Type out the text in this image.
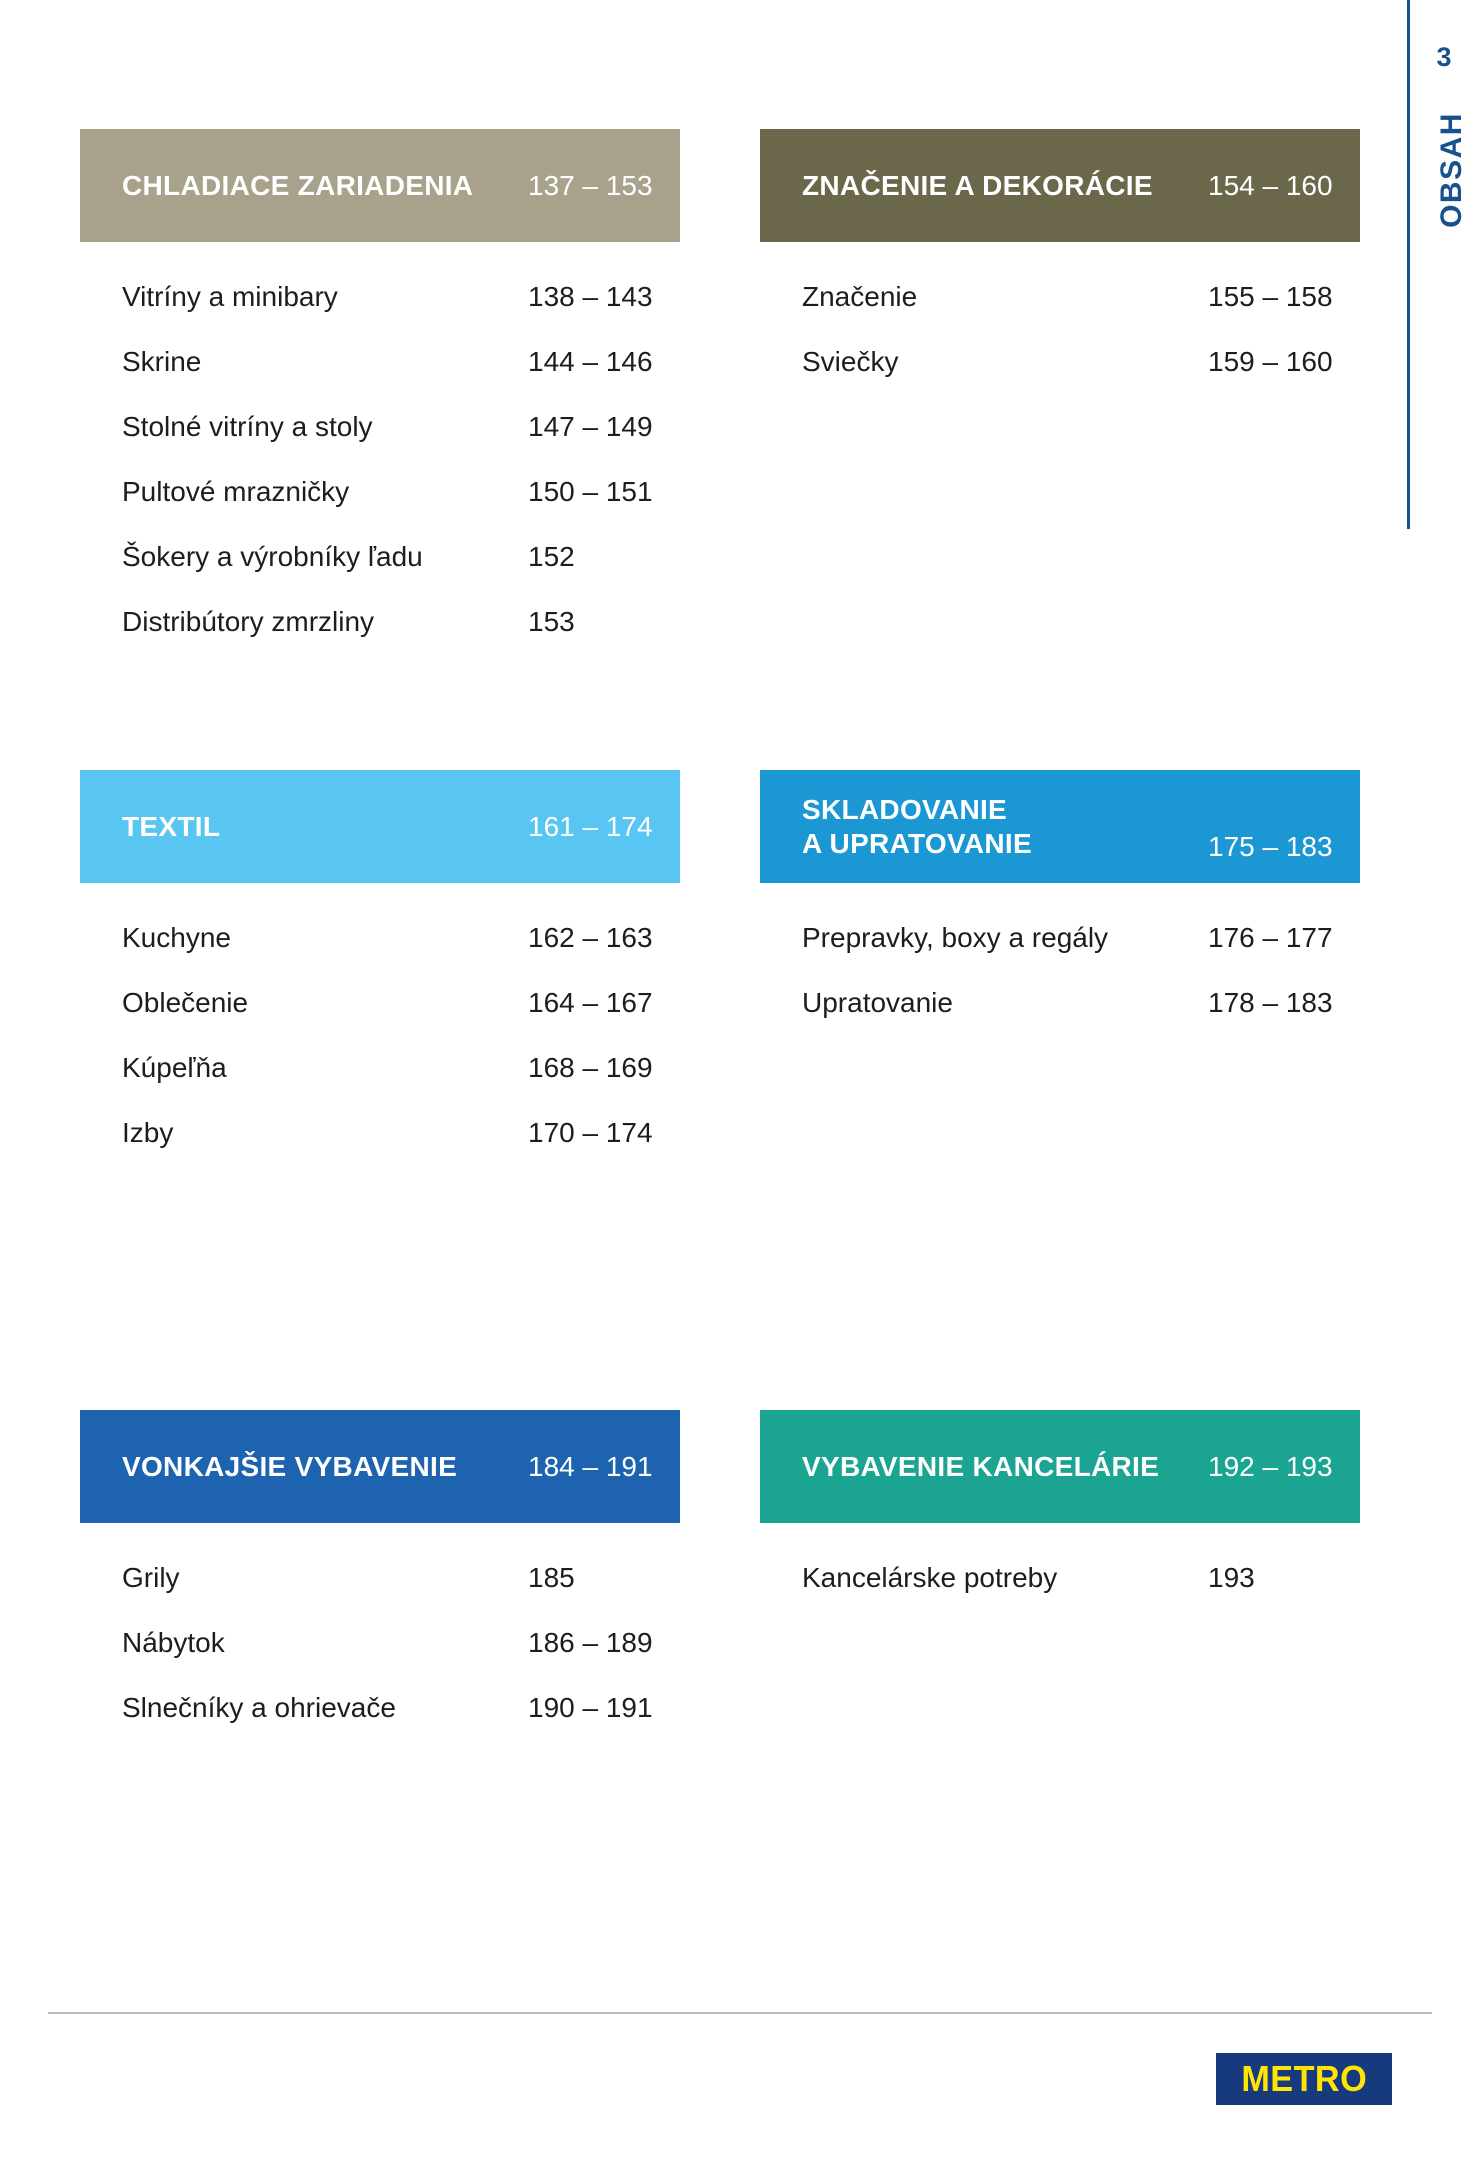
3
OBSAH
CHLADIACE ZARIADENIA 137 – 153
Vitríny a minibary	138 – 143
Skrine	144 – 146
Stolné vitríny a stoly	147 – 149
Pultové mrazničky	150 – 151
Šokery a výrobníky ľadu	152
Distribútory zmrzliny	153
ZNAČENIE A DEKORÁCIE 154 – 160
Značenie	155 – 158
Sviečky	159 – 160
TEXTIL	161 – 174
Kuchyne	162 – 163
Oblečenie	164 – 167
Kúpeľňa	168 – 169
Izby	170 – 174
SKLADOVANIE
A UPRATOVANIE	175 – 183
Prepravky, boxy a regály	176 – 177
Upratovanie	178 – 183
VONKAJŠIE VYBAVENIE	184 – 191
Grily	185
Nábytok	186 – 189
Slnečníky a ohrievače	190 – 191
VYBAVENIE KANCELÁRIE 192 – 193
Kancelárske potreby	193
METRO
